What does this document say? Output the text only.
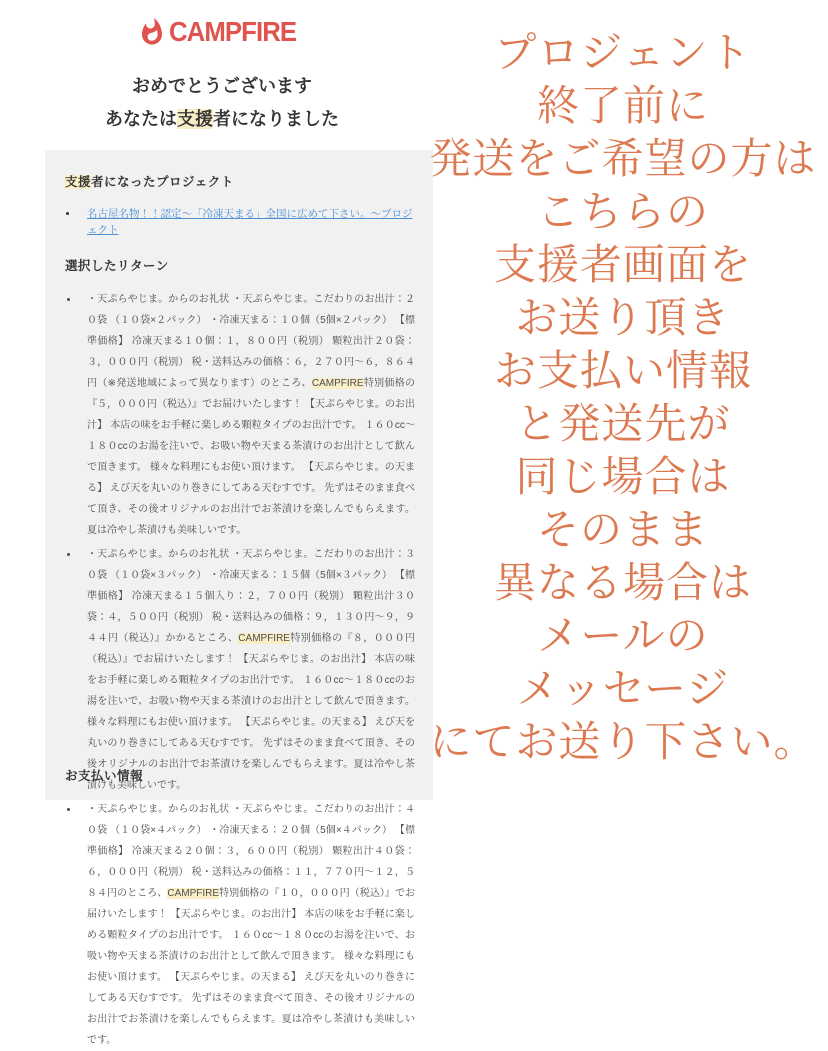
CAMPFIRE
おめでとうございます
あなたは支援者になりました
支援者になったプロジェクト
• 名古屋名物！！認定〜「冷凍天まる」全国に広めて下さい。〜プロジェクト
選択したリターン
• ・天ぷらやじま。からのお礼状 ・天ぷらやじま。こだわりのお出汁：２０袋 （１０袋×２パック） ・冷凍天まる：１０個（5個×２パック） 【標準価格】 冷凍天まる１０個：１，８００円（税別） 顆粒出汁２０袋：３，０００円（税別） 税・送料込みの価格：６，２７０円〜６，８６４円（※発送地域によって異なります）のところ、CAMPFIRE特別価格の『５，０００円（税込）』でお届けいたします！ 【天ぷらやじま。のお出汁】 本店の味をお手軽に楽しめる顆粒タイプのお出汁です。 １６０cc〜１８０ccのお湯を注いで、お吸い物や天まる茶漬けのお出汁として飲んで頂きます。 様々な料理にもお使い頂けます。 【天ぷらやじま。の天まる】 えび天を丸いのり巻きにしてある天むすです。 先ずはそのまま食べて頂き、その後オリジナルのお出汁でお茶漬けを楽しんでもらえます。夏は冷やし茶漬けも美味しいです。
• ・天ぷらやじま。からのお礼状 ・天ぷらやじま。こだわりのお出汁：３０袋 （１０袋×３パック） ・冷凍天まる：１５個（5個×３パック） 【標準価格】 冷凍天まる１５個入り：２，７００円（税別） 顆粒出汁３０袋：４，５００円（税別） 税・送料込みの価格：９，１３０円〜９，９４４円（税込）』かかるところ、CAMPFIRE特別価格の『８，０００円（税込）』でお届けいたします！ 【天ぷらやじま。のお出汁】 本店の味をお手軽に楽しめる顆粒タイプのお出汁です。 １６０cc〜１８０ccのお湯を注いで、お吸い物や天まる茶漬けのお出汁として飲んで頂きます。 様々な料理にもお使い頂けます。 【天ぷらやじま。の天まる】 えび天を丸いのり巻きにしてある天むすです。 先ずはそのまま食べて頂き、その後オリジナルのお出汁でお茶漬けを楽しんでもらえます。夏は冷やし茶漬けも美味しいです。
• ・天ぷらやじま。からのお礼状 ・天ぷらやじま。こだわりのお出汁：４０袋 （１０袋×４パック） ・冷凍天まる：２０個（5個×４パック） 【標準価格】 冷凍天まる２０個：３，６００円（税別） 顆粒出汁４０袋：６，０００円（税別） 税・送料込みの価格：１１，７７０円〜１２，５８４円のところ、CAMPFIRE特別価格の『１０，０００円（税込）』でお届けいたします！ 【天ぷらやじま。のお出汁】 本店の味をお手軽に楽しめる顆粒タイプのお出汁です。 １６０cc〜１８０ccのお湯を注いで、お吸い物や天まる茶漬けのお出汁として飲んで頂きます。 様々な料理にもお使い頂けます。 【天ぷらやじま。の天まる】 えび天を丸いのり巻きにしてある天むすです。 先ずはそのまま食べて頂き、その後オリジナルのお出汁でお茶漬けを楽しんでもらえます。夏は冷やし茶漬けも美味しいです。
お支払い情報
プロジェント
終了前に
発送をご希望の方は
こちらの
支援者画面を
お送り頂き
お支払い情報
と発送先が
同じ場合は
そのまま
異なる場合は
メールの
メッセージ
にてお送り下さい。
